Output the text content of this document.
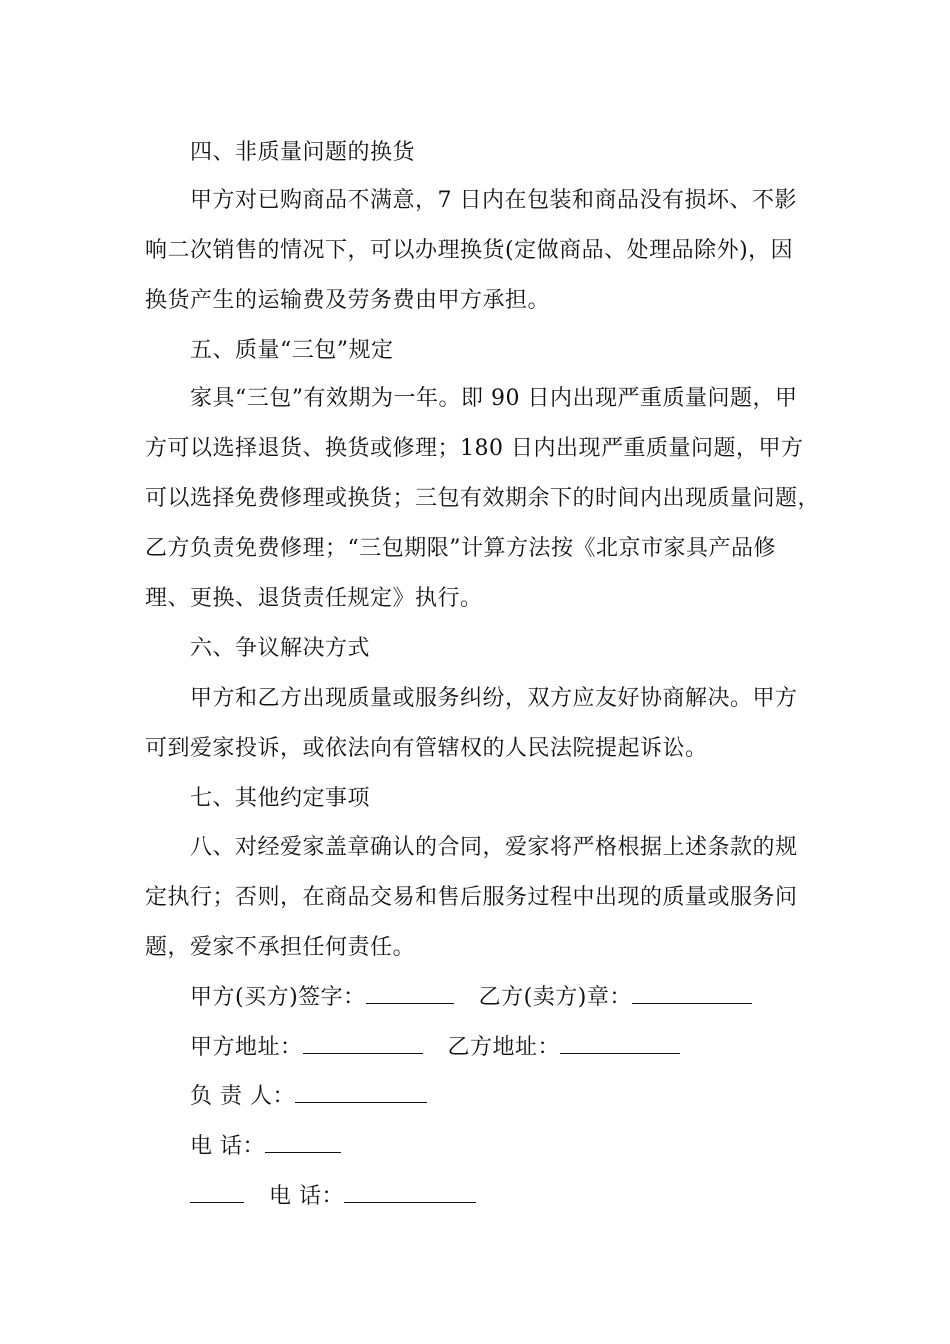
四、非质量问题的换货
甲方对已购商品不满意，7 日内在包装和商品没有损坏、不影
响二次销售的情况下，可以办理换货(定做商品、处理品除外)，因
换货产生的运输费及劳务费由甲方承担。
五、质量“三包”规定
家具“三包”有效期为一年。即 90 日内出现严重质量问题，甲
方可以选择退货、换货或修理；180 日内出现严重质量问题，甲方
可以选择免费修理或换货；三包有效期余下的时间内出现质量问题，
乙方负责免费修理；“三包期限”计算方法按《北京市家具产品修
理、更换、退货责任规定》执行。
六、争议解决方式
甲方和乙方出现质量或服务纠纷，双方应友好协商解决。甲方
可到爱家投诉，或依法向有管辖权的人民法院提起诉讼。
七、其他约定事项
八、对经爱家盖章确认的合同，爱家将严格根据上述条款的规
定执行；否则，在商品交易和售后服务过程中出现的质量或服务问
题，爱家不承担任何责任。
甲方(买方)签字：	乙方(卖方)章：
甲方地址：	乙方地址：
负 责 人：
电 话：
电 话：
